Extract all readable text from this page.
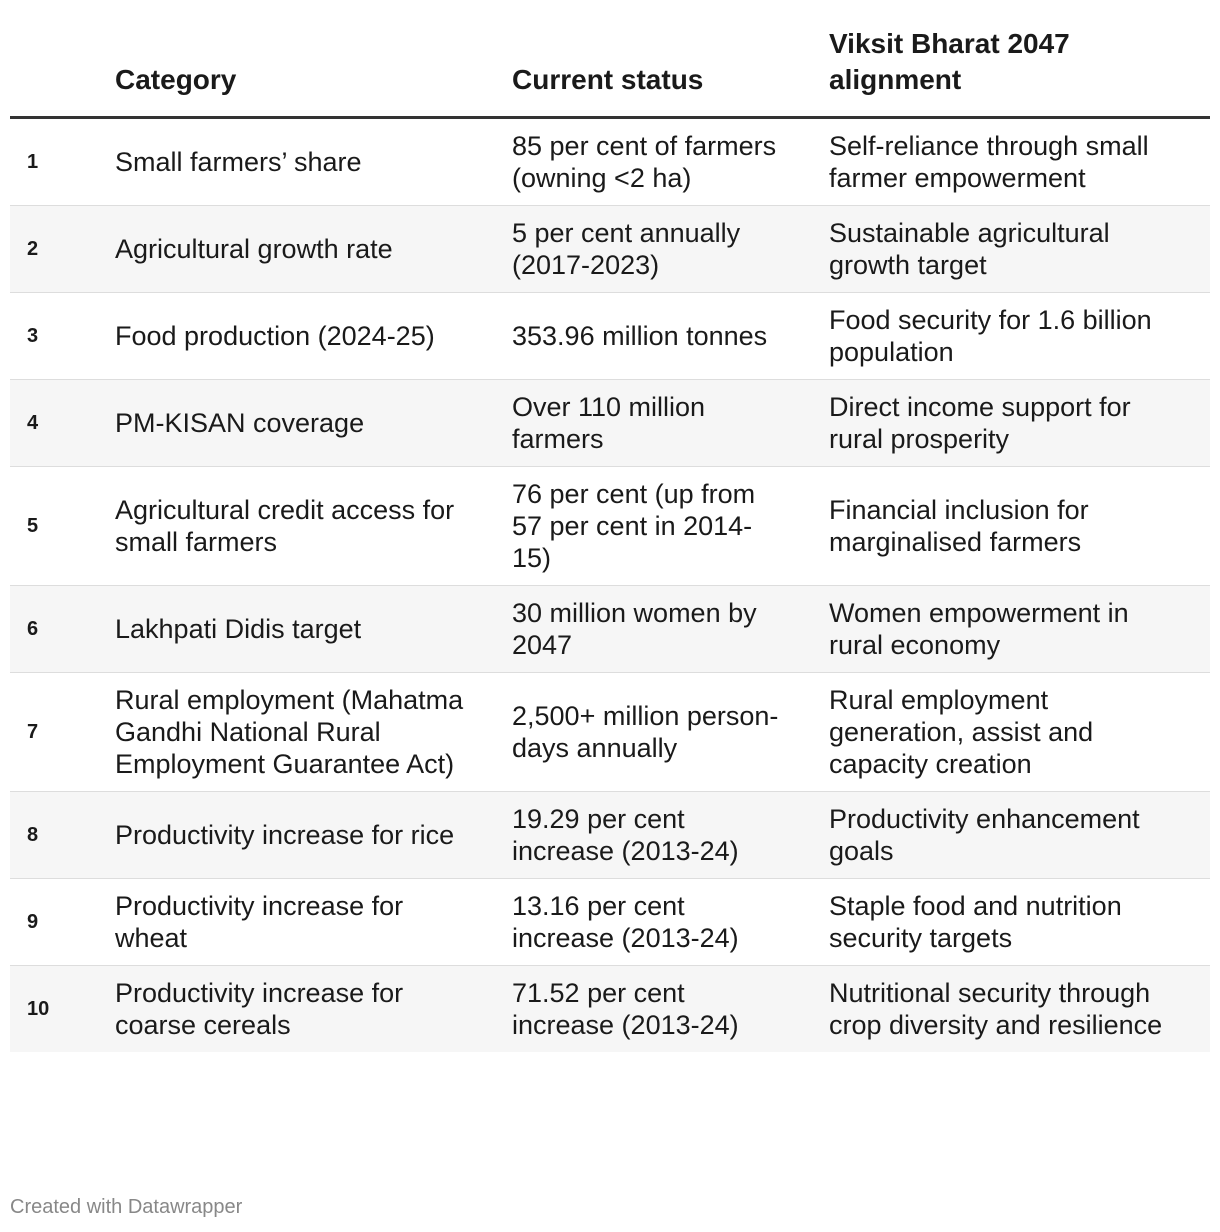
	Category	Current status	Viksit Bharat 2047 alignment
1	Small farmers’ share	85 per cent of farmers (owning <2 ha)	Self-reliance through small farmer empowerment
2	Agricultural growth rate	5 per cent annually (2017-2023)	Sustainable agricultural growth target
3	Food production (2024-25)	353.96 million tonnes	Food security for 1.6 billion population
4	PM-KISAN coverage	Over 110 million farmers	Direct income support for rural prosperity
5	Agricultural credit access for small farmers	76 per cent (up from 57 per cent in 2014-15)	Financial inclusion for marginalised farmers
6	Lakhpati Didis target	30 million women by 2047	Women empowerment in rural economy
7	Rural employment (Mahatma Gandhi National Rural Employment Guarantee Act)	2,500+ million person-days annually	Rural employment generation, assist and capacity creation
8	Productivity increase for rice	19.29 per cent increase (2013-24)	Productivity enhancement goals
9	Productivity increase for wheat	13.16 per cent increase (2013-24)	Staple food and nutrition security targets
10	Productivity increase for coarse cereals	71.52 per cent increase (2013-24)	Nutritional security through crop diversity and resilience
Created with Datawrapper
